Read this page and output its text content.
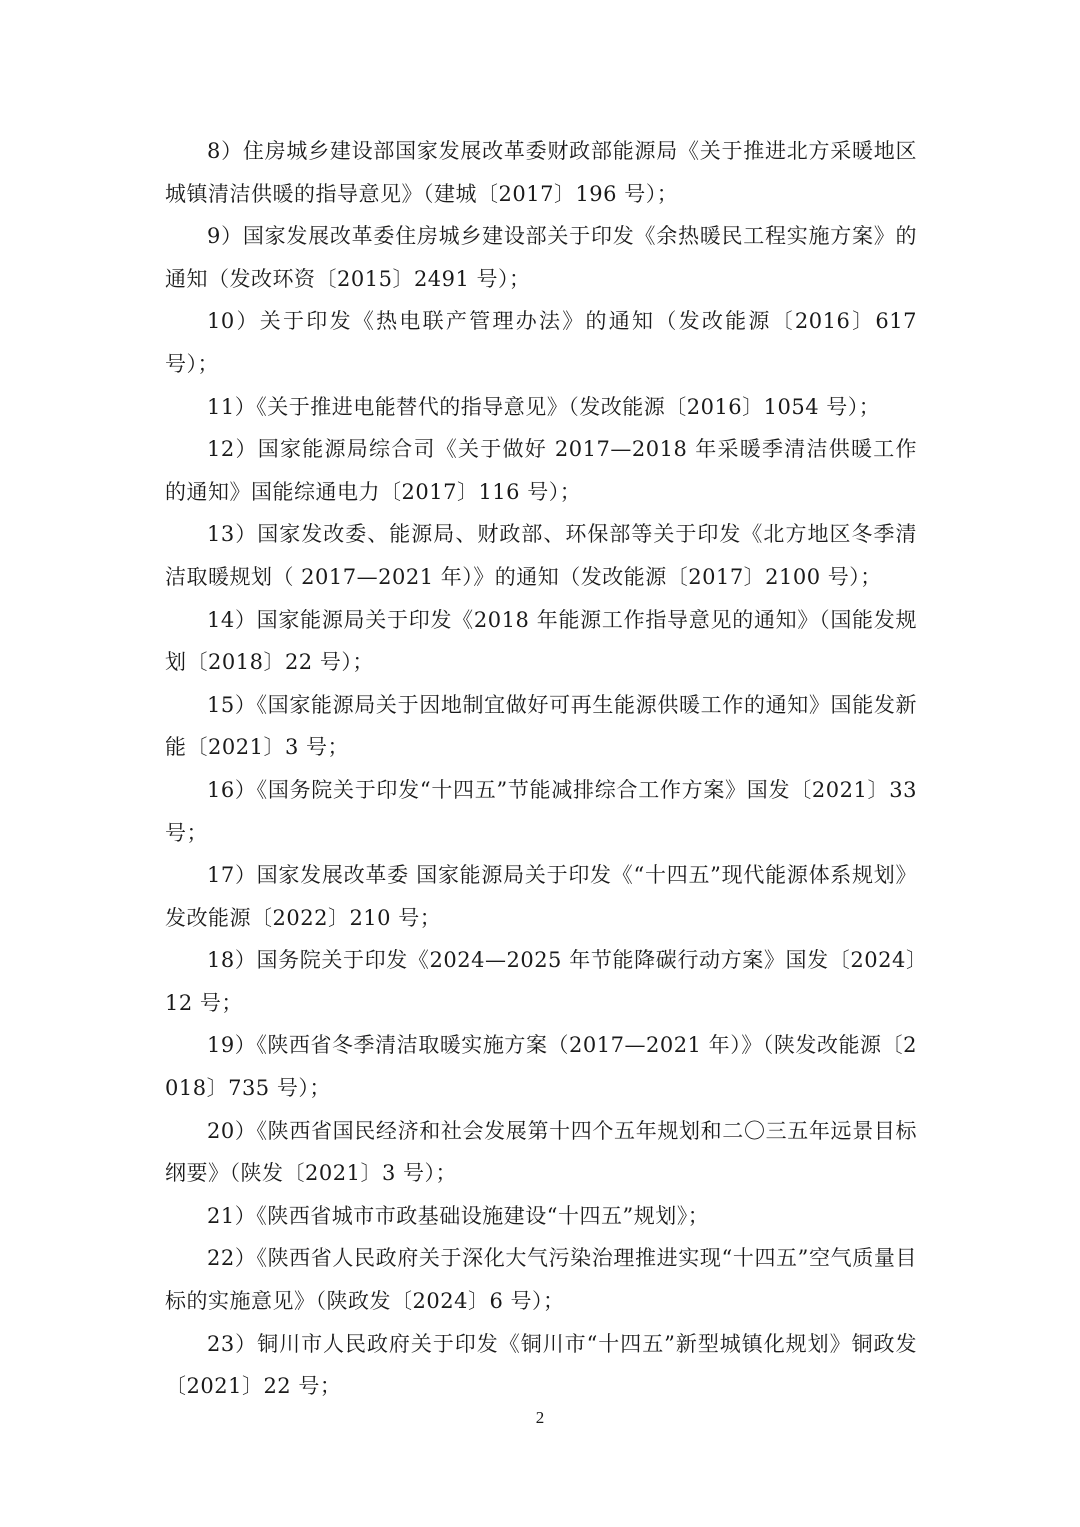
8）住房城乡建设部国家发展改革委财政部能源局《关于推进北方采暖地区城镇清洁供暖的指导意见》（建城〔2017〕196 号）；

9）国家发展改革委住房城乡建设部关于印发《余热暖民工程实施方案》的通知（发改环资〔2015〕2491 号）；

10）关于印发《热电联产管理办法》的通知（发改能源〔2016〕617 号）；

11）《关于推进电能替代的指导意见》（发改能源〔2016〕1054 号）；

12）国家能源局综合司《关于做好 2017—2018 年采暖季清洁供暖工作的通知》国能综通电力〔2017〕116 号）；

13）国家发改委、能源局、财政部、环保部等关于印发《北方地区冬季清洁取暖规划（ 2017—2021 年）》的通知（发改能源〔2017〕2100 号）；

14）国家能源局关于印发《2018 年能源工作指导意见的通知》（国能发规划〔2018〕22 号）；

15）《国家能源局关于因地制宜做好可再生能源供暖工作的通知》国能发新能〔2021〕3 号；

16）《国务院关于印发“十四五”节能减排综合工作方案》国发〔2021〕33 号；

17）国家发展改革委 国家能源局关于印发《“十四五”现代能源体系规划》发改能源〔2022〕210 号；

18）国务院关于印发《2024—2025 年节能降碳行动方案》国发〔2024〕12 号；

19）《陕西省冬季清洁取暖实施方案（2017—2021 年）》（陕发改能源〔2018〕735 号）；

20）《陕西省国民经济和社会发展第十四个五年规划和二〇三五年远景目标纲要》（陕发〔2021〕3 号）；

21）《陕西省城市市政基础设施建设“十四五”规划》；

22）《陕西省人民政府关于深化大气污染治理推进实现“十四五”空气质量目标的实施意见》（陕政发〔2024〕6 号）；

23）铜川市人民政府关于印发《铜川市“十四五”新型城镇化规划》铜政发〔2021〕22 号；

2
